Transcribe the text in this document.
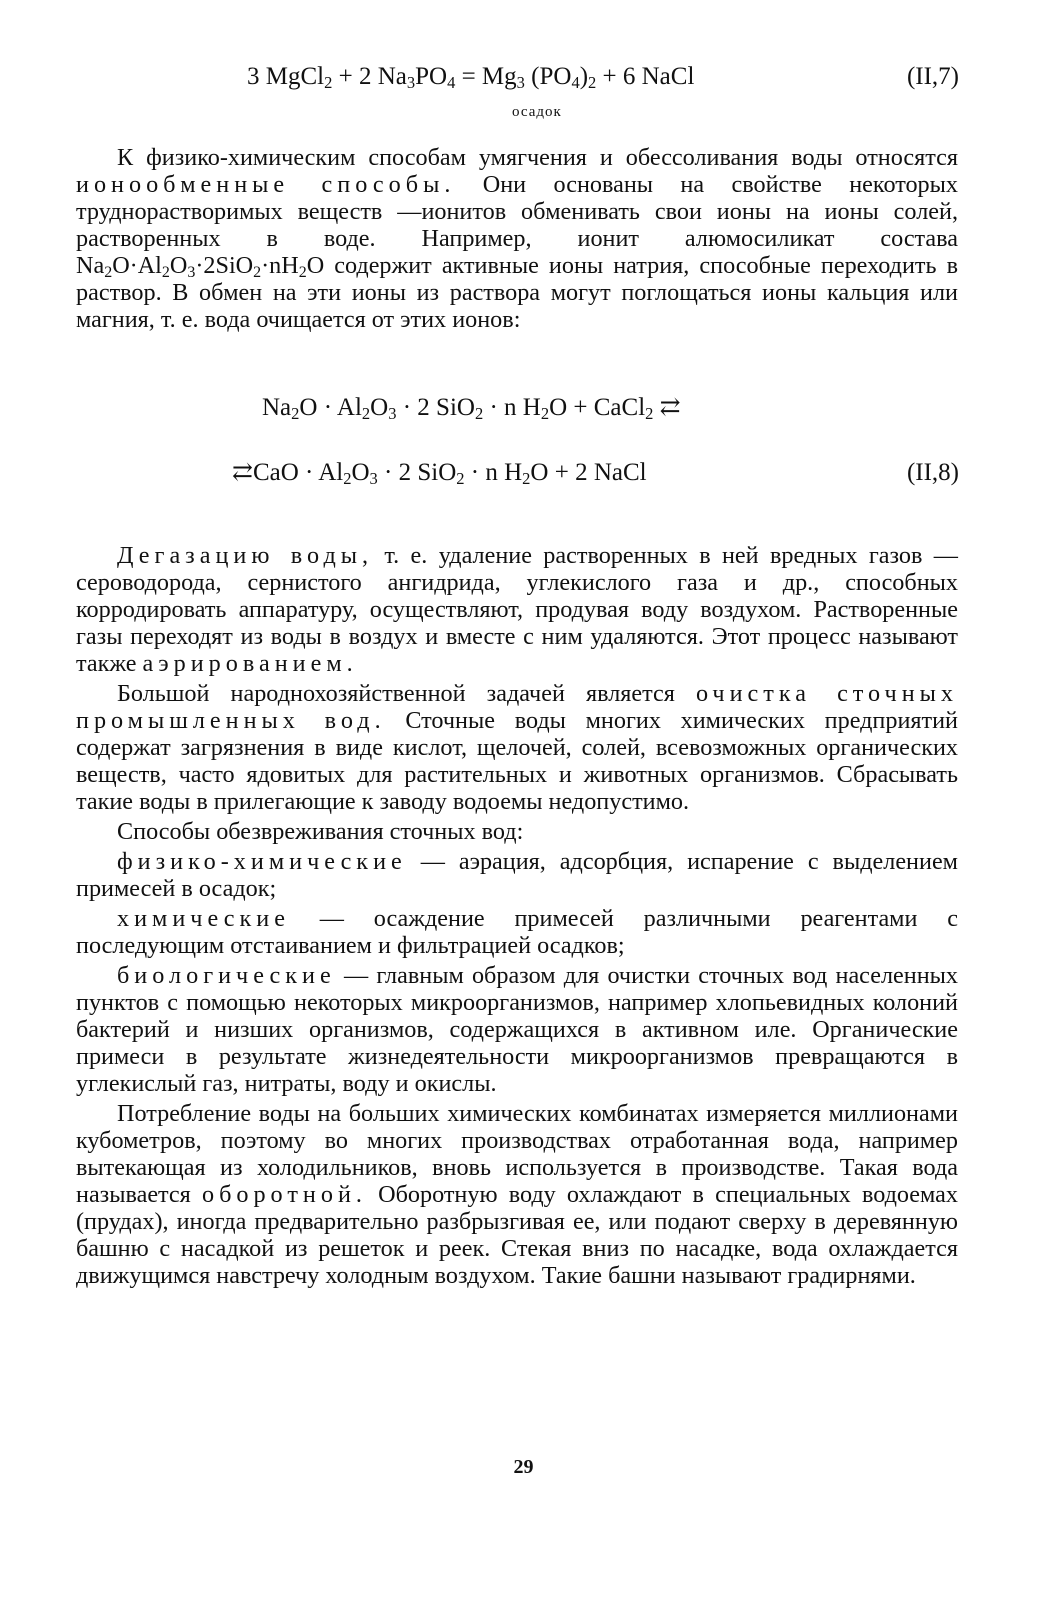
3 MgCl$_2$ + 2 $Na_3PO_4 = Mg_3$ $(PO_4)_2 + 6$ NaCl	(II,7)
осадок

К физико-химическим способам умягчения и обессоливания воды относятся ионообменные способы. Они основаны на свойстве некоторых труднорастворимых веществ —ионитов обменивать свои ионы на ионы солей, растворенных в воде. Например, ионит алюмосиликат состава $Na_2O\cdot Al_2O_3\cdot 2SiO_2\cdot nH_2O$ содержит активные ионы натрия, способные переходить в раствор. В обмен на эти ионы из раствора могут поглощаться ионы кальция или магния, т. е. вода очищается от этих ионов:

$Na_2O \cdot Al_2O_3 \cdot 2$ SiO$_2$ · n $H_2O$ + CaCl$_2$ ⇄
⇄CaO · $Al_2O_3 \cdot 2$ SiO$_2$ · n $H_2O + 2$ NaCl	(II,8)

Дегазацию воды, т. е. удаление растворенных в ней вредных газов — сероводорода, сернистого ангидрида, углекислого газа и др., способных корродировать аппаратуру, осуществляют, продувая воду воздухом. Растворенные газы переходят из воды в воздух и вместе с ним удаляются. Этот процесс называют также аэрированием.

Большой народнохозяйственной задачей является очистка сточных промышленных вод. Сточные воды многих химических предприятий содержат загрязнения в виде кислот, щелочей, солей, всевозможных органических веществ, часто ядовитых для растительных и животных организмов. Сбрасывать такие воды в прилегающие к заводу водоемы недопустимо.

Способы обезвреживания сточных вод:

физико-химические — аэрация, адсорбция, испарение с выделением примесей в осадок;

химические — осаждение примесей различными реагентами с последующим отстаиванием и фильтрацией осадков;

биологические — главным образом для очистки сточных вод населенных пунктов с помощью некоторых микроорганизмов, например хлопьевидных колоний бактерий и низших организмов, содержащихся в активном иле. Органические примеси в результате жизнедеятельности микроорганизмов превращаются в углекислый газ, нитраты, воду и окислы.

Потребление воды на больших химических комбинатах измеряется миллионами кубометров, поэтому во многих производствах отработанная вода, например вытекающая из холодильников, вновь используется в производстве. Такая вода называется оборотной. Оборотную воду охлаждают в специальных водоемах (прудах), иногда предварительно разбрызгивая ее, или подают сверху в деревянную башню с насадкой из решеток и реек. Стекая вниз по насадке, вода охлаждается движущимся навстречу холодным воздухом. Такие башни называют градирнями.

29
